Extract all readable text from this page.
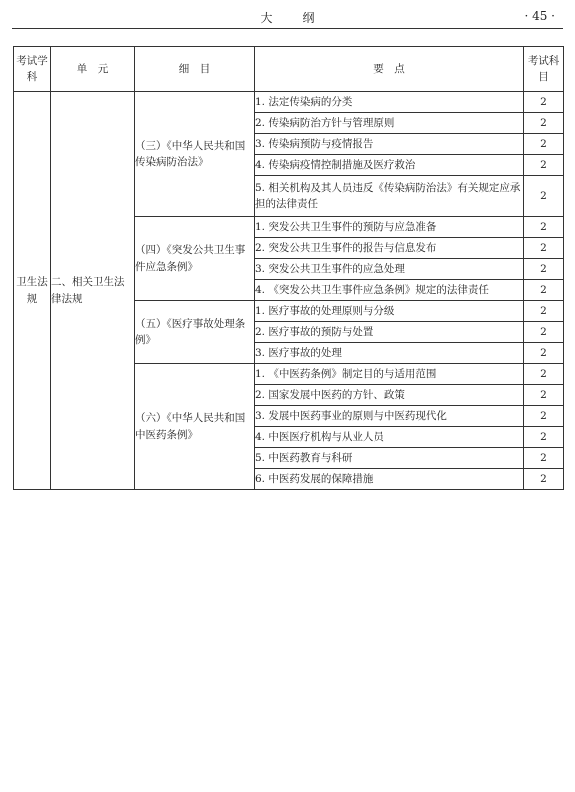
大纲	· 45 ·
考试学科	单　元	细　目	要　点	考试科目
卫生法规	二、相关卫生法律法规	（三）《中华人民共和国传染病防治法》	1. 法定传染病的分类	2
			2. 传染病防治方针与管理原则	2
			3. 传染病预防与疫情报告	2
			4. 传染病疫情控制措施及医疗救治	2
			5. 相关机构及其人员违反《传染病防治法》有关规定应承担的法律责任	2
		（四）《突发公共卫生事件应急条例》	1. 突发公共卫生事件的预防与应急准备	2
			2. 突发公共卫生事件的报告与信息发布	2
			3. 突发公共卫生事件的应急处理	2
			4. 《突发公共卫生事件应急条例》规定的法律责任	2
		（五）《医疗事故处理条例》	1. 医疗事故的处理原则与分级	2
			2. 医疗事故的预防与处置	2
			3. 医疗事故的处理	2
		（六）《中华人民共和国中医药条例》	1. 《中医药条例》制定目的与适用范围	2
			2. 国家发展中医药的方针、政策	2
			3. 发展中医药事业的原则与中医药现代化	2
			4. 中医医疗机构与从业人员	2
			5. 中医药教育与科研	2
			6. 中医药发展的保障措施	2
